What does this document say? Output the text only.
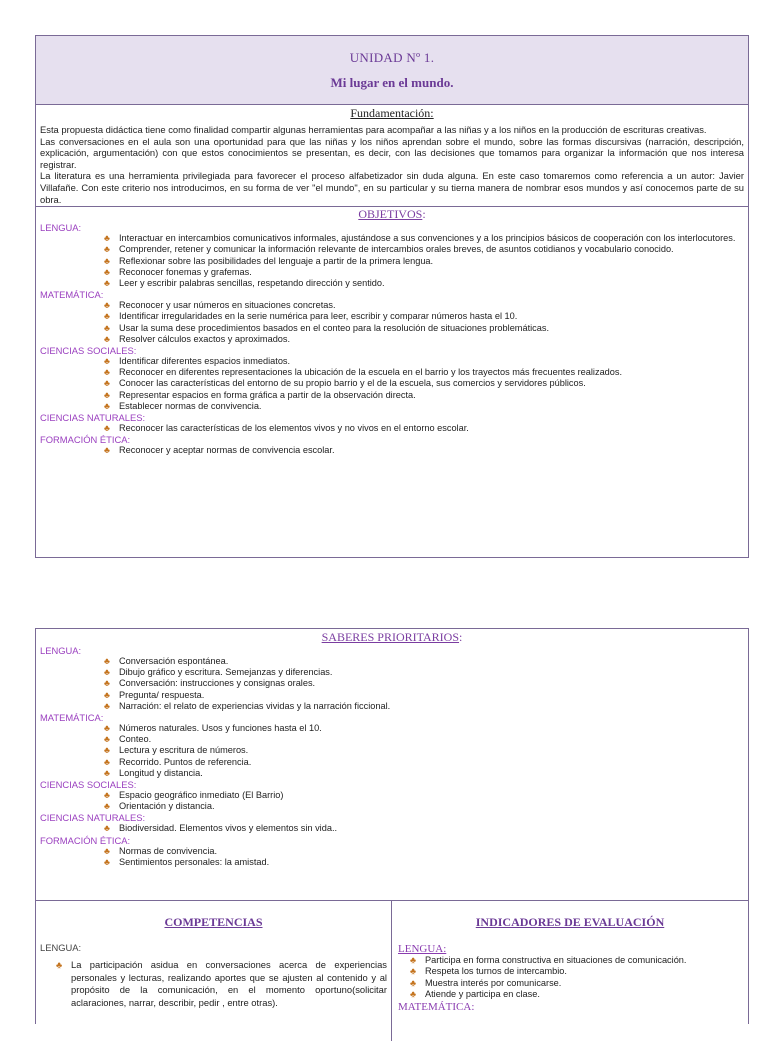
UNIDAD Nº 1.
Mi lugar en el mundo.
Fundamentación:

Esta propuesta didáctica tiene como finalidad compartir algunas herramientas para acompañar a las niñas y a los niños en la producción de escrituras creativas.

Las conversaciones en el aula son una oportunidad para que las niñas y los niños aprendan sobre el mundo, sobre las formas discursivas (narración, descripción, explicación, argumentación) con que estos conocimientos se presentan, es decir, con las decisiones que tomamos para organizar la información que nos interesa registrar.

La literatura es una herramienta privilegiada para favorecer el proceso alfabetizador sin duda alguna. En este caso tomaremos como referencia a un autor: Javier Villafañe. Con este criterio nos introducimos, en su forma de ver "el mundo", en su particular y su tierna manera de nombrar esos mundos y así conocemos parte de su obra.

OBJETIVOS:
LENGUA:
♣ Interactuar en intercambios comunicativos informales, ajustándose a sus convenciones y a los principios básicos de cooperación con los interlocutores.
♣ Comprender, retener y comunicar la información relevante de intercambios orales breves, de asuntos cotidianos y vocabulario conocido.
♣ Reflexionar sobre las posibilidades del lenguaje a partir de la primera lengua.
♣ Reconocer fonemas y grafemas.
♣ Leer y escribir palabras sencillas, respetando dirección y sentido.
MATEMÁTICA:
♣ Reconocer y usar números en situaciones concretas.
♣ Identificar irregularidades en la serie numérica para leer, escribir y comparar números hasta el 10.
♣ Usar la suma dese procedimientos basados en el conteo para la resolución de situaciones problemáticas.
♣ Resolver cálculos exactos y aproximados.
CIENCIAS SOCIALES:
♣ Identificar diferentes espacios inmediatos.
♣ Reconocer en diferentes representaciones la ubicación de la escuela en el barrio y los trayectos más frecuentes realizados.
♣ Conocer las características del entorno de su propio barrio y el de la escuela, sus comercios y servidores públicos.
♣ Representar espacios en forma gráfica a partir de la observación directa.
♣ Establecer normas de convivencia.
CIENCIAS NATURALES:
♣ Reconocer las características de los elementos vivos y no vivos en el entorno escolar.
FORMACIÓN ÉTICA:
♣ Reconocer y aceptar normas de convivencia escolar.
SABERES PRIORITARIOS:
LENGUA:
♣ Conversación espontánea.
♣ Dibujo gráfico y escritura. Semejanzas y diferencias.
♣ Conversación: instrucciones y consignas orales.
♣ Pregunta/ respuesta.
♣ Narración: el relato de experiencias vividas y la narración ficcional.
MATEMÁTICA:
♣ Números naturales. Usos y funciones hasta el 10.
♣ Conteo.
♣ Lectura y escritura de números.
♣ Recorrido. Puntos de referencia.
♣ Longitud y distancia.
CIENCIAS SOCIALES:
♣ Espacio geográfico inmediato (El Barrio)
♣ Orientación y distancia.
CIENCIAS NATURALES:
♣ Biodiversidad. Elementos vivos y elementos sin vida..
FORMACIÓN ÉTICA:
♣ Normas de convivencia.
♣ Sentimientos personales: la amistad.
COMPETENCIAS
LENGUA:
♣ La participación asidua en conversaciones acerca de experiencias personales y lecturas, realizando aportes que se ajusten al contenido y al propósito de la comunicación, en el momento oportuno(solicitar aclaraciones, narrar, describir, pedir , entre otras).
INDICADORES DE EVALUACIÓN
LENGUA:
♣ Participa en forma constructiva en situaciones de comunicación.
♣ Respeta los turnos de intercambio.
♣ Muestra interés por comunicarse.
♣ Atiende y participa en clase.
MATEMÁTICA:
